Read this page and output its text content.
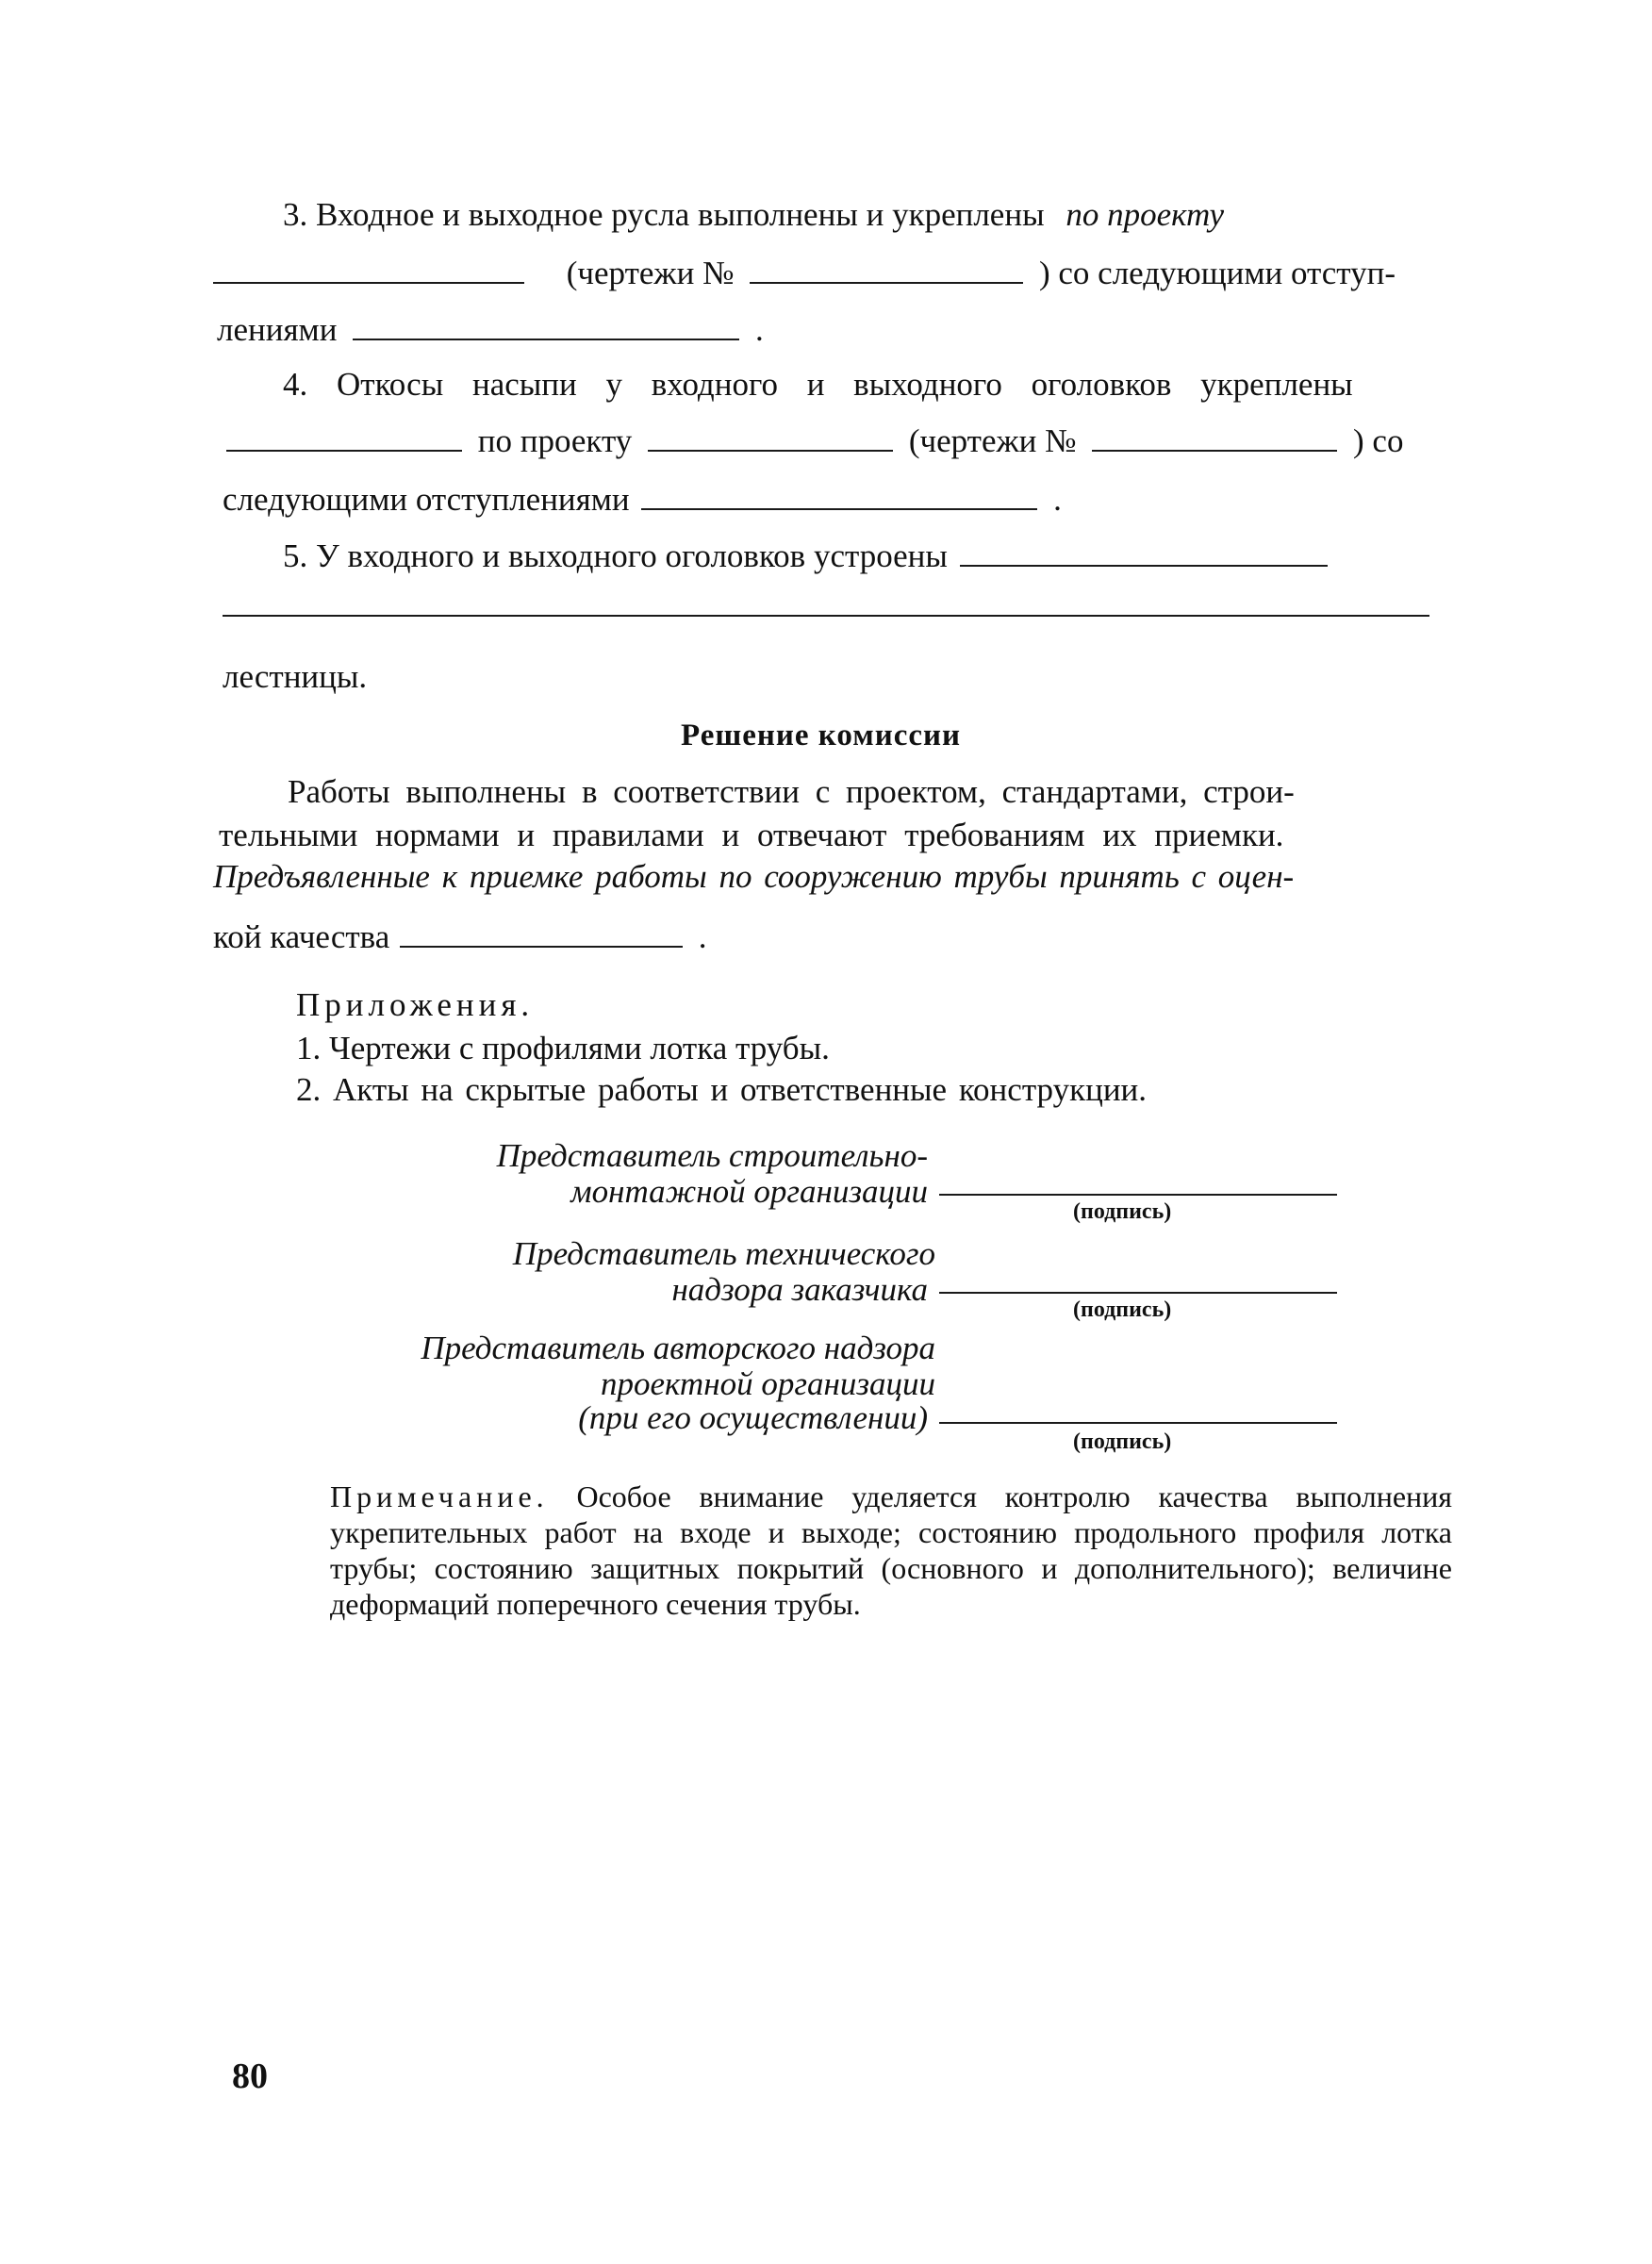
3. Входное и выходное русла выполнены и укреплены по проекту
(чертежи №	) со следующими отступ-
лениями	.
4. Откосы насыпи у входного и выходного оголовков укреплены
по проекту	(чертежи №	) со
следующими отступлениями	.
5. У входного и выходного оголовков устроены
лестницы.
Решение комиссии
Работы выполнены в соответствии с проектом, стандартами, строи-
тельными нормами и правилами и отвечают требованиям их приемки.
Предъявленные к приемке работы по сооружению трубы принять с оцен-
кой качества	.
Приложения.
1. Чертежи с профилями лотка трубы.
2. Акты на скрытые работы и ответственные конструкции.
Представитель строительно-
монтажной организации
(подпись)
Представитель технического
надзора заказчика
(подпись)
Представитель авторского надзора
проектной организации
(при его осуществлении)
(подпись)
Примечание. Особое внимание уделяется контролю качества выполнения укрепительных работ на входе и выходе; состоянию продольного профиля лотка трубы; состоянию защитных покрытий (основного и дополнительного); величине деформаций поперечного сечения трубы.
80
